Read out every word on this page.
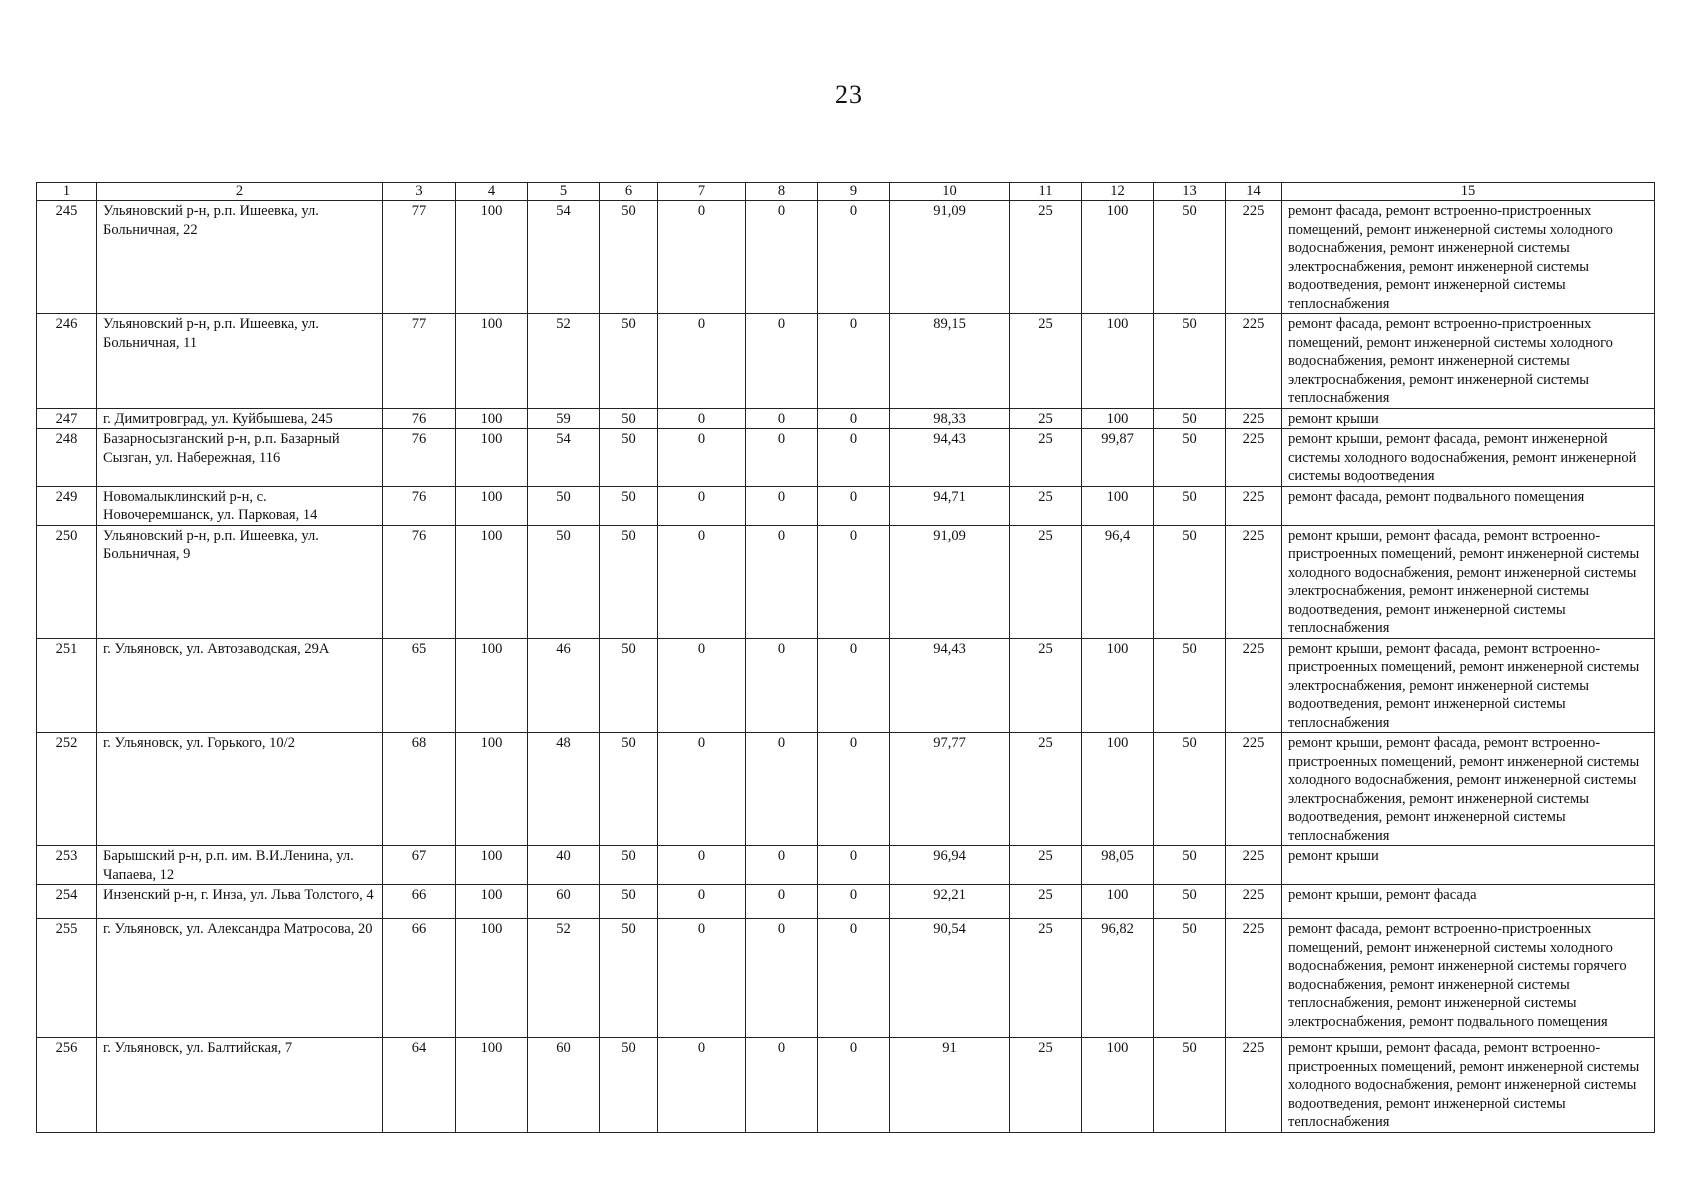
23
1	2	3	4	5	6	7	8	9	10	11	12	13	14	15
245	Ульяновский р-н, р.п. Ишеевка, ул. Больничная, 22	77	100	54	50	0	0	0	91,09	25	100	50	225	ремонт фасада, ремонт встроенно-пристроенных помещений, ремонт инженерной системы холодного водоснабжения, ремонт инженерной системы электроснабжения, ремонт инженерной системы водоотведения, ремонт инженерной системы теплоснабжения
246	Ульяновский р-н, р.п. Ишеевка, ул. Больничная, 11	77	100	52	50	0	0	0	89,15	25	100	50	225	ремонт фасада, ремонт встроенно-пристроенных помещений, ремонт инженерной системы холодного водоснабжения, ремонт инженерной системы электроснабжения, ремонт инженерной системы теплоснабжения
247	г. Димитровград, ул. Куйбышева, 245	76	100	59	50	0	0	0	98,33	25	100	50	225	ремонт крыши
248	Базарносызганский р-н, р.п. Базарный Сызган, ул. Набережная, 116	76	100	54	50	0	0	0	94,43	25	99,87	50	225	ремонт крыши, ремонт фасада, ремонт инженерной системы холодного водоснабжения, ремонт инженерной системы водоотведения
249	Новомалыклинский р-н, с. Новочеремшанск, ул. Парковая, 14	76	100	50	50	0	0	0	94,71	25	100	50	225	ремонт фасада, ремонт подвального помещения
250	Ульяновский р-н, р.п. Ишеевка, ул. Больничная, 9	76	100	50	50	0	0	0	91,09	25	96,4	50	225	ремонт крыши, ремонт фасада, ремонт встроенно-пристроенных помещений, ремонт инженерной системы холодного водоснабжения, ремонт инженерной системы электроснабжения, ремонт инженерной системы водоотведения, ремонт инженерной системы теплоснабжения
251	г. Ульяновск, ул. Автозаводская, 29А	65	100	46	50	0	0	0	94,43	25	100	50	225	ремонт крыши, ремонт фасада, ремонт встроенно-пристроенных помещений, ремонт инженерной системы электроснабжения, ремонт инженерной системы водоотведения, ремонт инженерной системы теплоснабжения
252	г. Ульяновск, ул. Горького, 10/2	68	100	48	50	0	0	0	97,77	25	100	50	225	ремонт крыши, ремонт фасада, ремонт встроенно-пристроенных помещений, ремонт инженерной системы холодного водоснабжения, ремонт инженерной системы электроснабжения, ремонт инженерной системы водоотведения, ремонт инженерной системы теплоснабжения
253	Барышский р-н, р.п. им. В.И.Ленина, ул. Чапаева, 12	67	100	40	50	0	0	0	96,94	25	98,05	50	225	ремонт крыши
254	Инзенский р-н, г. Инза, ул. Льва Толстого, 4	66	100	60	50	0	0	0	92,21	25	100	50	225	ремонт крыши, ремонт фасада
255	г. Ульяновск, ул. Александра Матросова, 20	66	100	52	50	0	0	0	90,54	25	96,82	50	225	ремонт фасада, ремонт встроенно-пристроенных помещений, ремонт инженерной системы холодного водоснабжения, ремонт инженерной системы горячего водоснабжения, ремонт инженерной системы теплоснабжения, ремонт инженерной системы электроснабжения, ремонт подвального помещения
256	г. Ульяновск, ул. Балтийская, 7	64	100	60	50	0	0	0	91	25	100	50	225	ремонт крыши, ремонт фасада, ремонт встроенно-пристроенных помещений, ремонт инженерной системы холодного водоснабжения, ремонт инженерной системы водоотведения, ремонт инженерной системы теплоснабжения
